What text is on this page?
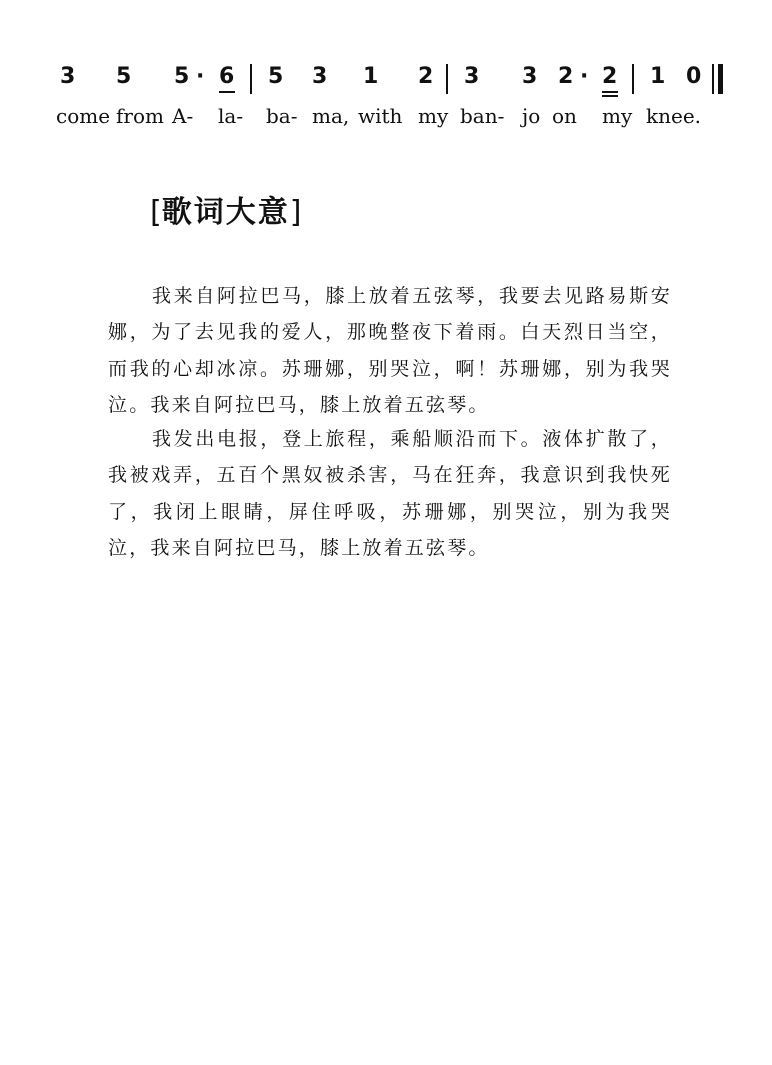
3 5 5 · 6 5 3 1 2 3 3 2 · 2 1 0
come from A- la- ba- ma, with my ban- jo on my knee.
[歌词大意]

我来自阿拉巴马，膝上放着五弦琴，我要去见路易斯安娜，为了去见我的爱人，那晚整夜下着雨。白天烈日当空，而我的心却冰凉。苏珊娜，别哭泣，啊！苏珊娜，别为我哭泣。我来自阿拉巴马，膝上放着五弦琴。

我发出电报，登上旅程，乘船顺沿而下。液体扩散了，我被戏弄，五百个黑奴被杀害，马在狂奔，我意识到我快死了，我闭上眼睛，屏住呼吸，苏珊娜，别哭泣，别为我哭泣，我来自阿拉巴马，膝上放着五弦琴。
